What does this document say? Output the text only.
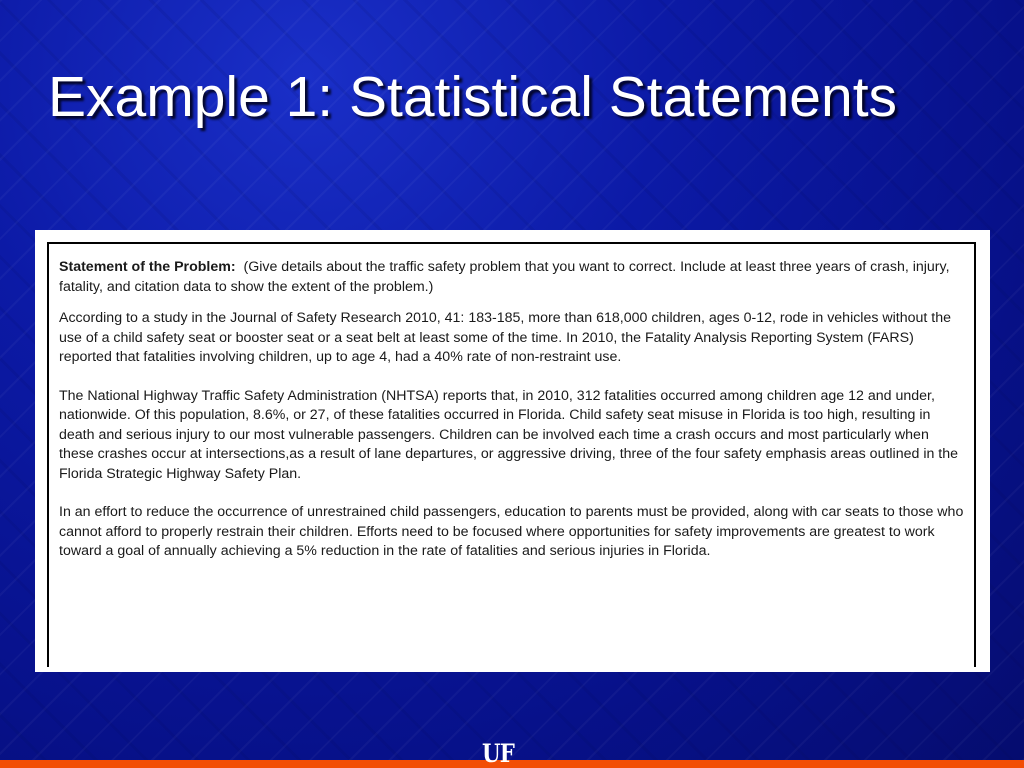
Example 1: Statistical Statements

Statement of the Problem: (Give details about the traffic safety problem that you want to correct. Include at least three years of crash, injury, fatality, and citation data to show the extent of the problem.)

According to a study in the Journal of Safety Research 2010, 41: 183-185, more than 618,000 children, ages 0-12, rode in vehicles without the use of a child safety seat or booster seat or a seat belt at least some of the time. In 2010, the Fatality Analysis Reporting System (FARS) reported that fatalities involving children, up to age 4, had a 40% rate of non-restraint use.

The National Highway Traffic Safety Administration (NHTSA) reports that, in 2010, 312 fatalities occurred among children age 12 and under, nationwide. Of this population, 8.6%, or 27, of these fatalities occurred in Florida. Child safety seat misuse in Florida is too high, resulting in death and serious injury to our most vulnerable passengers. Children can be involved each time a crash occurs and most particularly when these crashes occur at intersections,as a result of lane departures, or aggressive driving, three of the four safety emphasis areas outlined in the Florida Strategic Highway Safety Plan.

In an effort to reduce the occurrence of unrestrained child passengers, education to parents must be provided, along with car seats to those who cannot afford to properly restrain their children. Efforts need to be focused where opportunities for safety improvements are greatest to work toward a goal of annually achieving a 5% reduction in the rate of fatalities and serious injuries in Florida.

UF
